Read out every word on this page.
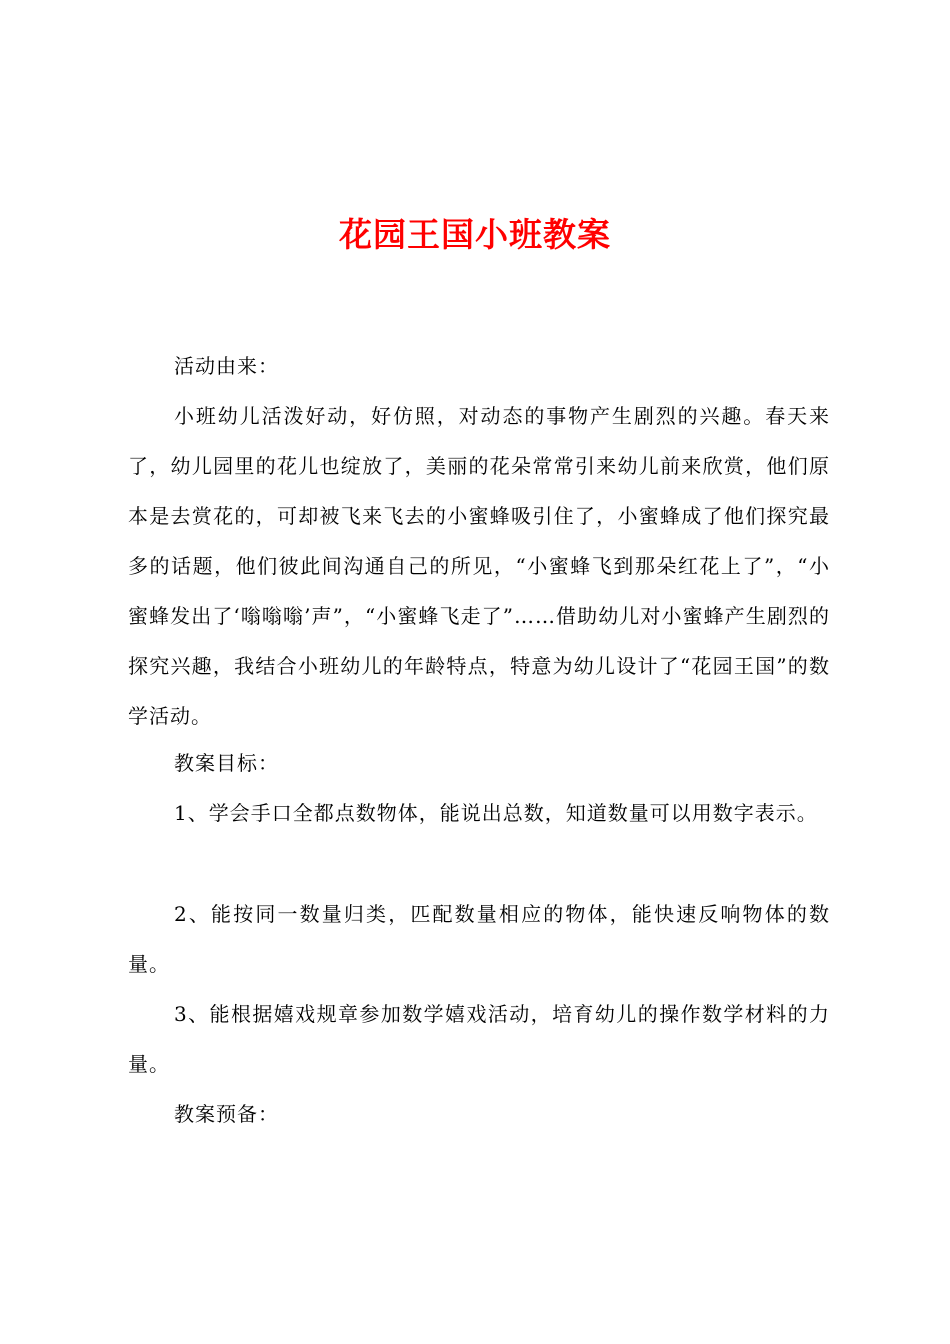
花园王国小班教案

活动由来：

小班幼儿活泼好动，好仿照，对动态的事物产生剧烈的兴趣。春天来了，幼儿园里的花儿也绽放了，美丽的花朵常常引来幼儿前来欣赏，他们原本是去赏花的，可却被飞来飞去的小蜜蜂吸引住了，小蜜蜂成了他们探究最多的话题，他们彼此间沟通自己的所见，“小蜜蜂飞到那朵红花上了”，“小蜜蜂发出了‘嗡嗡嗡’声”，“小蜜蜂飞走了”……借助幼儿对小蜜蜂产生剧烈的探究兴趣，我结合小班幼儿的年龄特点，特意为幼儿设计了“花园王国”的数学活动。

教案目标：

1、学会手口全都点数物体，能说出总数，知道数量可以用数字表示。

2、能按同一数量归类，匹配数量相应的物体，能快速反响物体的数量。

3、能根据嬉戏规章参加数学嬉戏活动，培育幼儿的操作数学材料的力量。

教案预备：
